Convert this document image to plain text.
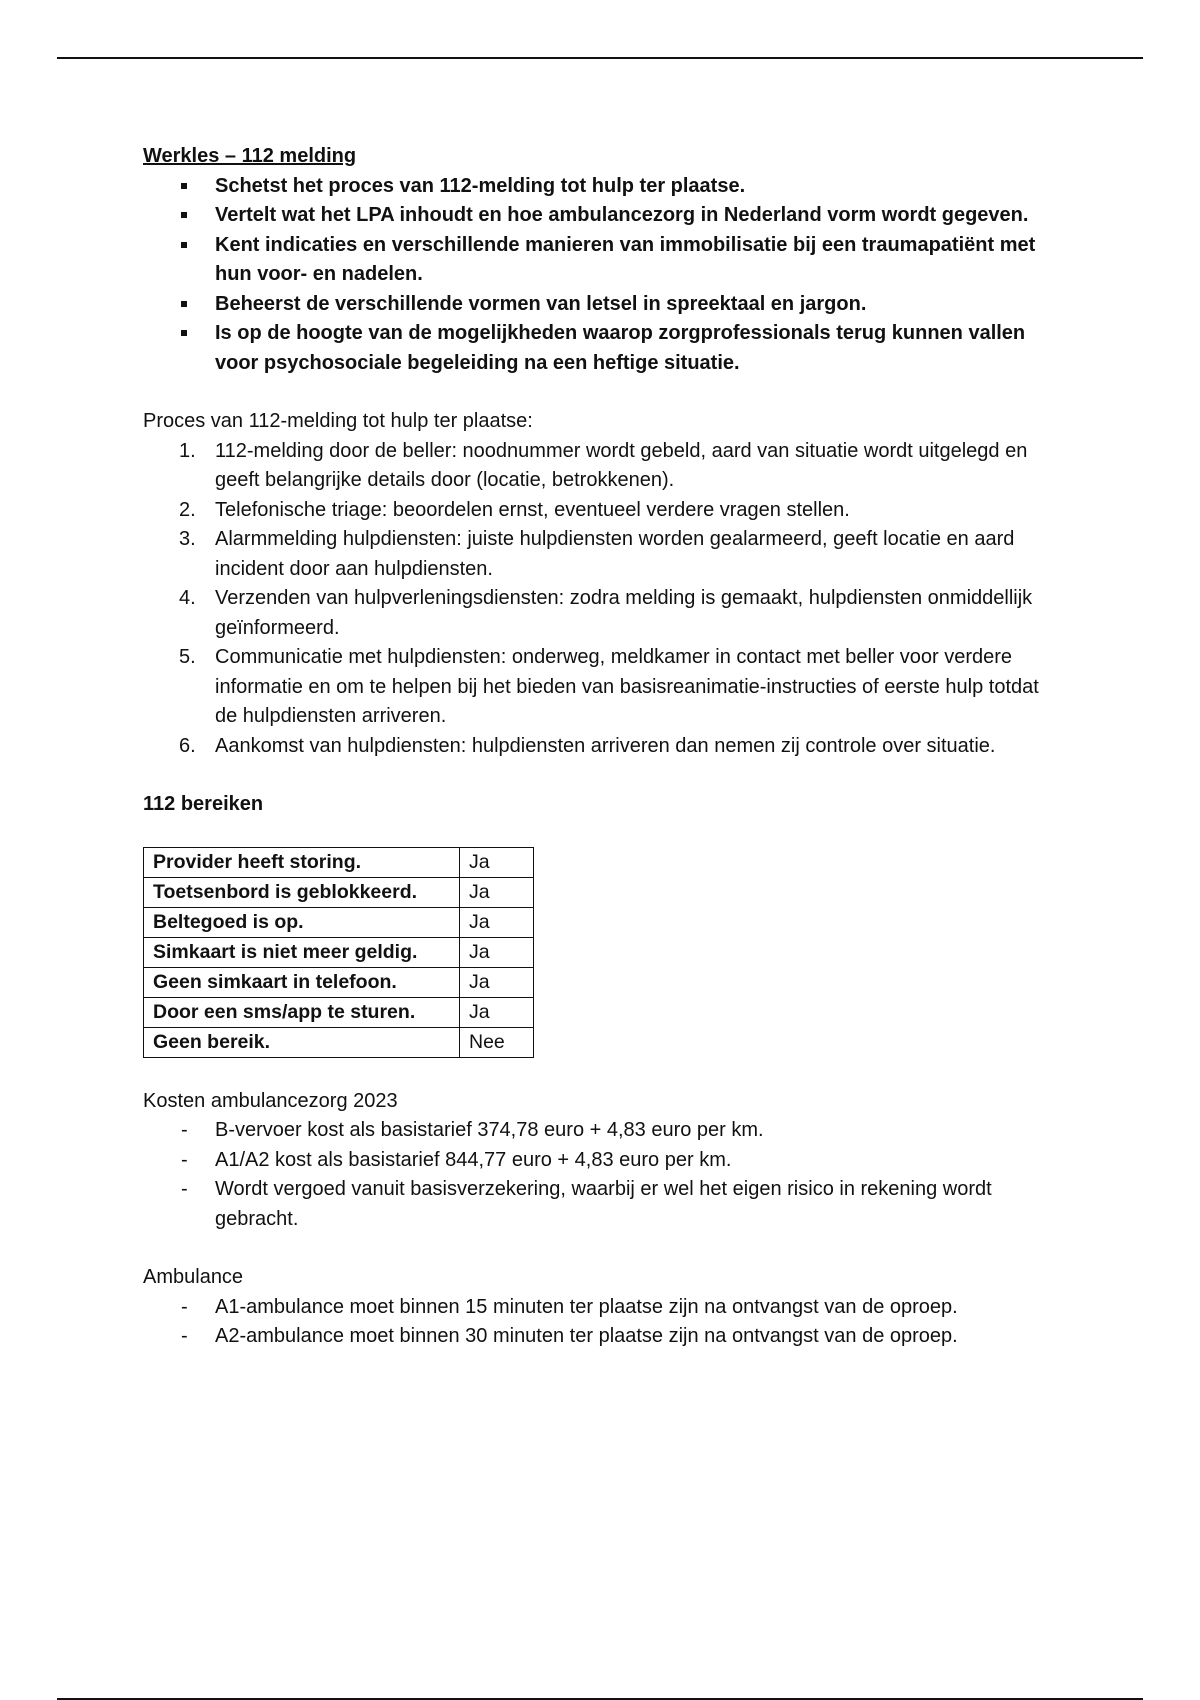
Werkles – 112 melding

Schetst het proces van 112-melding tot hulp ter plaatse.
Vertelt wat het LPA inhoudt en hoe ambulancezorg in Nederland vorm wordt gegeven.
Kent indicaties en verschillende manieren van immobilisatie bij een traumapatiënt met hun voor- en nadelen.
Beheerst de verschillende vormen van letsel in spreektaal en jargon.
Is op de hoogte van de mogelijkheden waarop zorgprofessionals terug kunnen vallen voor psychosociale begeleiding na een heftige situatie.

Proces van 112-melding tot hulp ter plaatse:

1. 112-melding door de beller: noodnummer wordt gebeld, aard van situatie wordt uitgelegd en geeft belangrijke details door (locatie, betrokkenen).
2. Telefonische triage: beoordelen ernst, eventueel verdere vragen stellen.
3. Alarmmelding hulpdiensten: juiste hulpdiensten worden gealarmeerd, geeft locatie en aard incident door aan hulpdiensten.
4. Verzenden van hulpverleningsdiensten: zodra melding is gemaakt, hulpdiensten onmiddellijk geïnformeerd.
5. Communicatie met hulpdiensten: onderweg, meldkamer in contact met beller voor verdere informatie en om te helpen bij het bieden van basisreanimatie-instructies of eerste hulp totdat de hulpdiensten arriveren.
6. Aankomst van hulpdiensten: hulpdiensten arriveren dan nemen zij controle over situatie.

112 bereiken

Provider heeft storing.	Ja
Toetsenbord is geblokkeerd.	Ja
Beltegoed is op.	Ja
Simkaart is niet meer geldig.	Ja
Geen simkaart in telefoon.	Ja
Door een sms/app te sturen.	Ja
Geen bereik.	Nee

Kosten ambulancezorg 2023

- B-vervoer kost als basistarief 374,78 euro + 4,83 euro per km.
- A1/A2 kost als basistarief 844,77 euro + 4,83 euro per km.
- Wordt vergoed vanuit basisverzekering, waarbij er wel het eigen risico in rekening wordt gebracht.

Ambulance

- A1-ambulance moet binnen 15 minuten ter plaatse zijn na ontvangst van de oproep.
- A2-ambulance moet binnen 30 minuten ter plaatse zijn na ontvangst van de oproep.
